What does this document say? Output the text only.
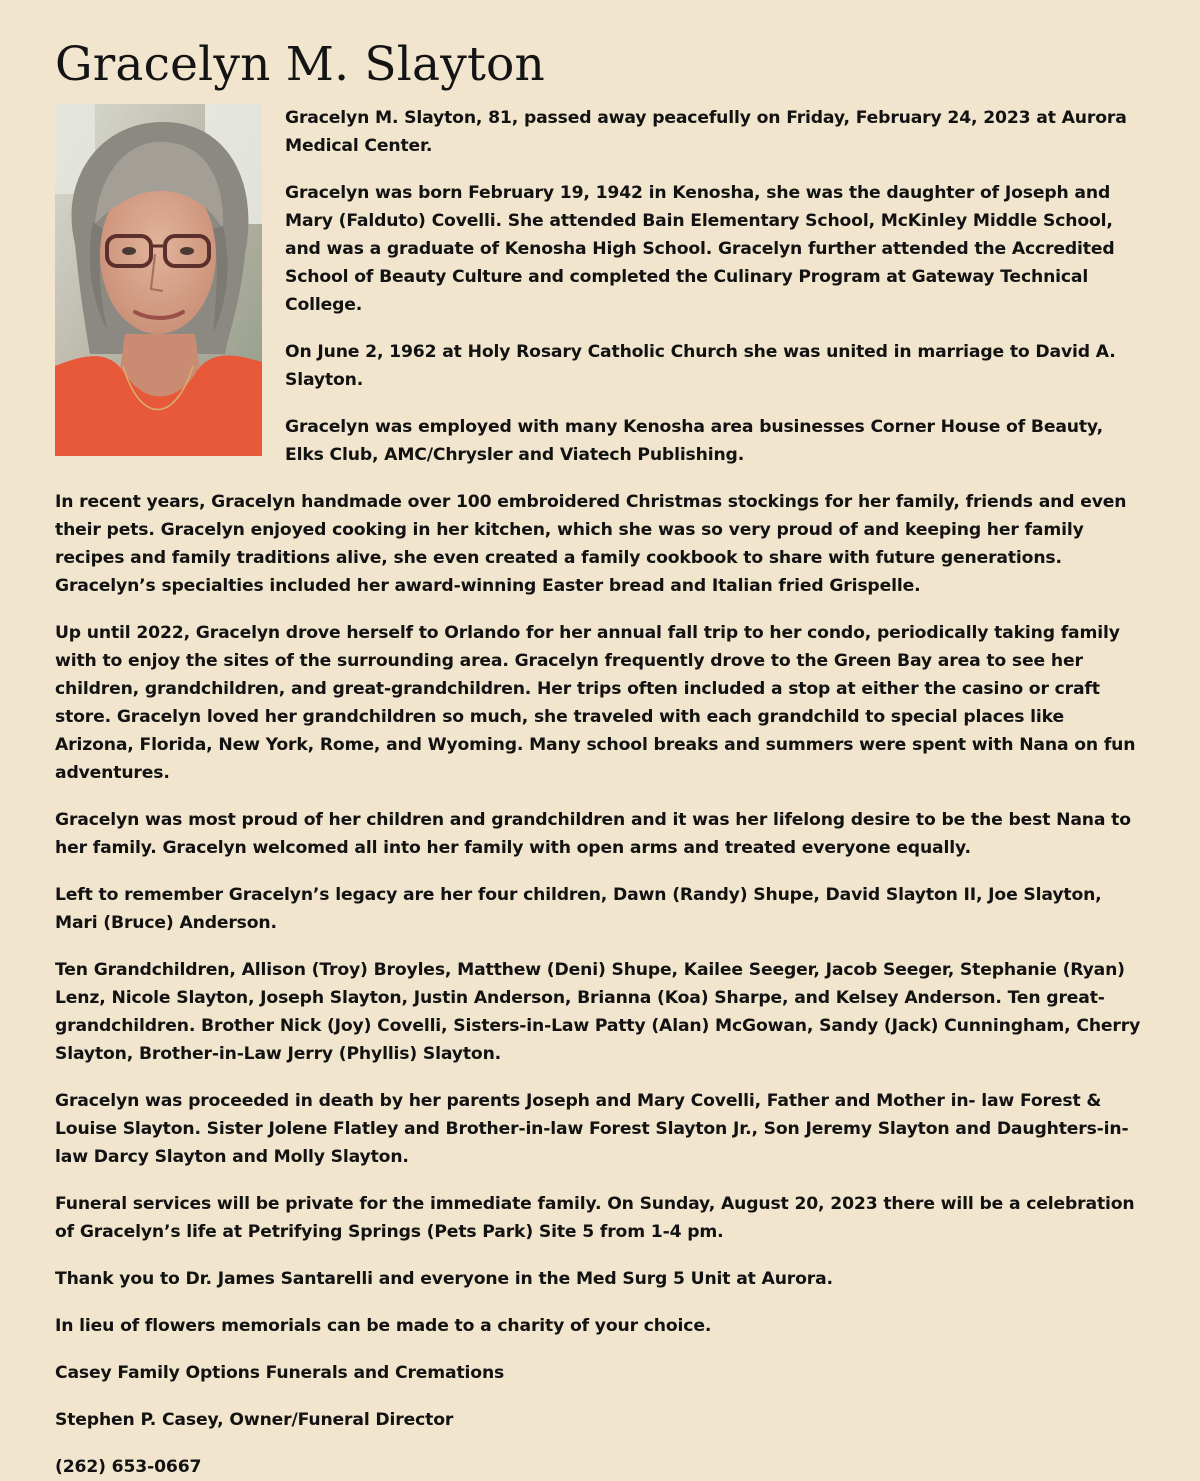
Gracelyn M. Slayton

Gracelyn M. Slayton, 81, passed away peacefully on Friday, February 24, 2023 at Aurora Medical Center.

Gracelyn was born February 19, 1942 in Kenosha, she was the daughter of Joseph and Mary (Falduto) Covelli. She attended Bain Elementary School, McKinley Middle School, and was a graduate of Kenosha High School. Gracelyn further attended the Accredited School of Beauty Culture and completed the Culinary Program at Gateway Technical College.

On June 2, 1962 at Holy Rosary Catholic Church she was united in marriage to David A. Slayton.

Gracelyn was employed with many Kenosha area businesses Corner House of Beauty, Elks Club, AMC/Chrysler and Viatech Publishing.

In recent years, Gracelyn handmade over 100 embroidered Christmas stockings for her family, friends and even their pets. Gracelyn enjoyed cooking in her kitchen, which she was so very proud of and keeping her family recipes and family traditions alive, she even created a family cookbook to share with future generations. Gracelyn’s specialties included her award-winning Easter bread and Italian fried Grispelle.

Up until 2022, Gracelyn drove herself to Orlando for her annual fall trip to her condo, periodically taking family with to enjoy the sites of the surrounding area. Gracelyn frequently drove to the Green Bay area to see her children, grandchildren, and great-grandchildren. Her trips often included a stop at either the casino or craft store. Gracelyn loved her grandchildren so much, she traveled with each grandchild to special places like Arizona, Florida, New York, Rome, and Wyoming. Many school breaks and summers were spent with Nana on fun adventures.

Gracelyn was most proud of her children and grandchildren and it was her lifelong desire to be the best Nana to her family. Gracelyn welcomed all into her family with open arms and treated everyone equally.

Left to remember Gracelyn’s legacy are her four children, Dawn (Randy) Shupe, David Slayton II, Joe Slayton, Mari (Bruce) Anderson.

Ten Grandchildren, Allison (Troy) Broyles, Matthew (Deni) Shupe, Kailee Seeger, Jacob Seeger, Stephanie (Ryan) Lenz, Nicole Slayton, Joseph Slayton, Justin Anderson, Brianna (Koa) Sharpe, and Kelsey Anderson. Ten great-grandchildren. Brother Nick (Joy) Covelli, Sisters-in-Law Patty (Alan) McGowan, Sandy (Jack) Cunningham, Cherry Slayton, Brother-in-Law Jerry (Phyllis) Slayton.

Gracelyn was proceeded in death by her parents Joseph and Mary Covelli, Father and Mother in- law Forest & Louise Slayton. Sister Jolene Flatley and Brother-in-law Forest Slayton Jr., Son Jeremy Slayton and Daughters-in-law Darcy Slayton and Molly Slayton.

Funeral services will be private for the immediate family. On Sunday, August 20, 2023 there will be a celebration of Gracelyn’s life at Petrifying Springs (Pets Park) Site 5 from 1-4 pm.

Thank you to Dr. James Santarelli and everyone in the Med Surg 5 Unit at Aurora.

In lieu of flowers memorials can be made to a charity of your choice.

Casey Family Options Funerals and Cremations

Stephen P. Casey, Owner/Funeral Director

(262) 653-0667
